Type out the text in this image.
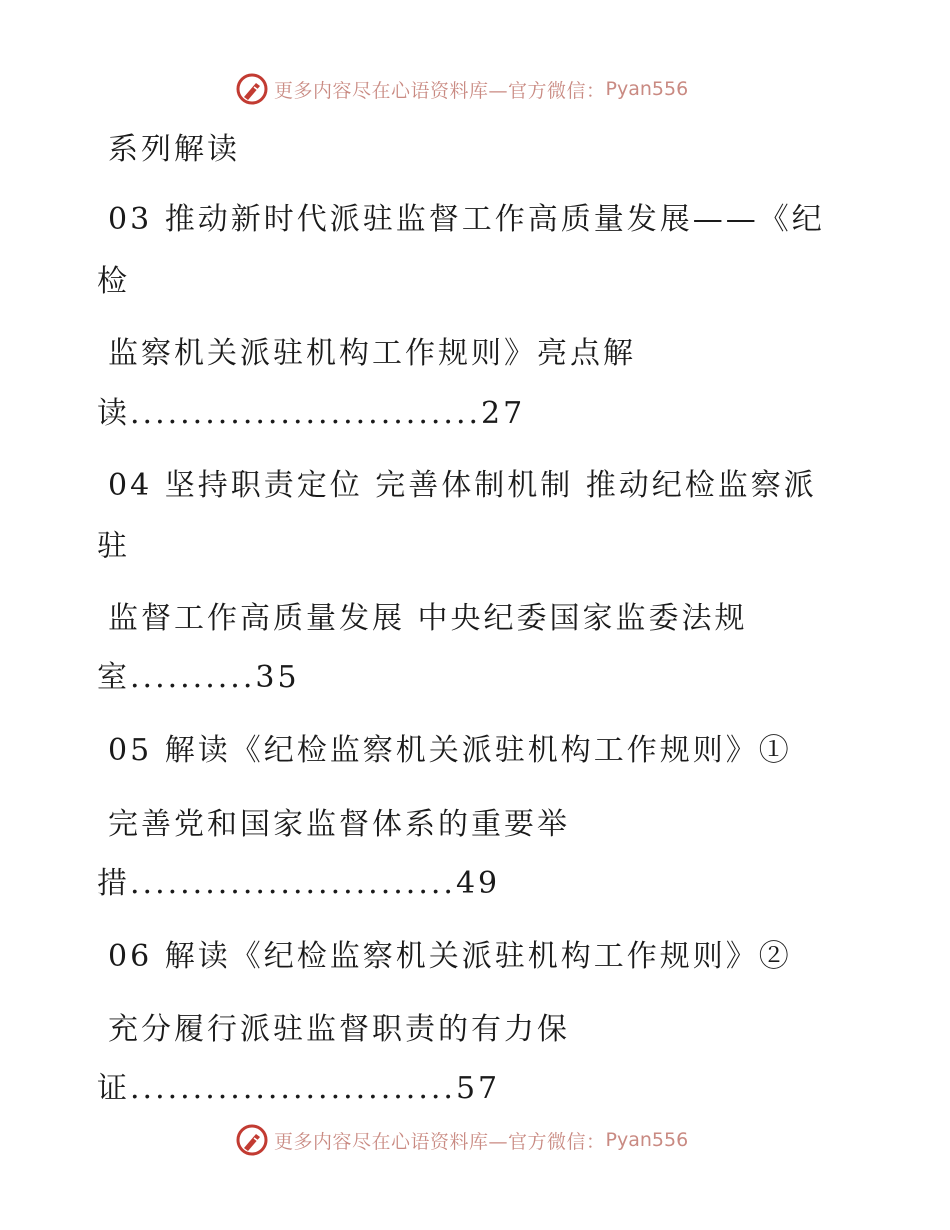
更多内容尽在心语资料库—官方微信： Pyan556
系列解读
03 推动新时代派驻监督工作高质量发展——《纪
检
监察机关派驻机构工作规则》亮点解
读............................27
04 坚持职责定位 完善体制机制 推动纪检监察派
驻
监督工作高质量发展 中央纪委国家监委法规
室..........35
05 解读《纪检监察机关派驻机构工作规则》①
完善党和国家监督体系的重要举
措..........................49
06 解读《纪检监察机关派驻机构工作规则》②
充分履行派驻监督职责的有力保
证..........................57
更多内容尽在心语资料库—官方微信： Pyan556
